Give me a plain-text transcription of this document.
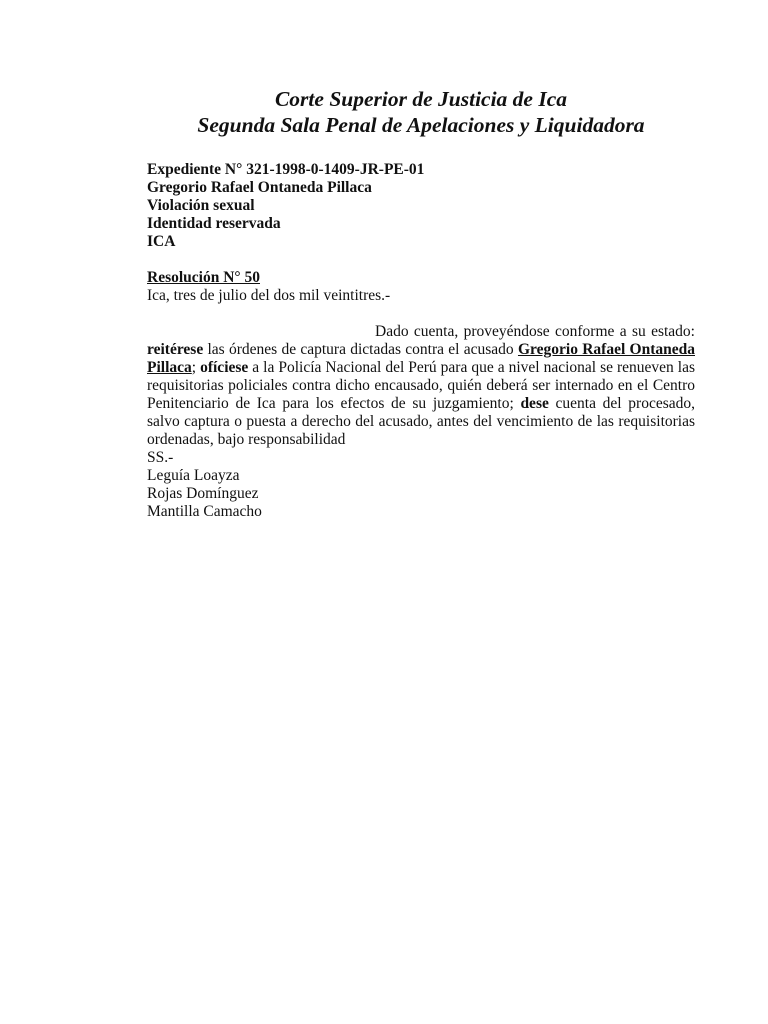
Corte Superior de Justicia de Ica
Segunda Sala Penal de Apelaciones y Liquidadora
Expediente N° 321-1998-0-1409-JR-PE-01
Gregorio Rafael Ontaneda Pillaca
Violación sexual
Identidad reservada
ICA
Resolución N° 50
Ica, tres de julio del dos mil veintitres.-
Dado cuenta, proveyéndose conforme a su estado: reitérese las órdenes de captura dictadas contra el acusado Gregorio Rafael Ontaneda Pillaca; ofíciese a la Policía Nacional del Perú para que a nivel nacional se renueven las requisitorias policiales contra dicho encausado, quién deberá ser internado en el Centro Penitenciario de Ica para los efectos de su juzgamiento; dese cuenta del procesado, salvo captura o puesta a derecho del acusado, antes del vencimiento de las requisitorias ordenadas, bajo responsabilidad
SS.-
Leguía Loayza
Rojas Domínguez
Mantilla Camacho
